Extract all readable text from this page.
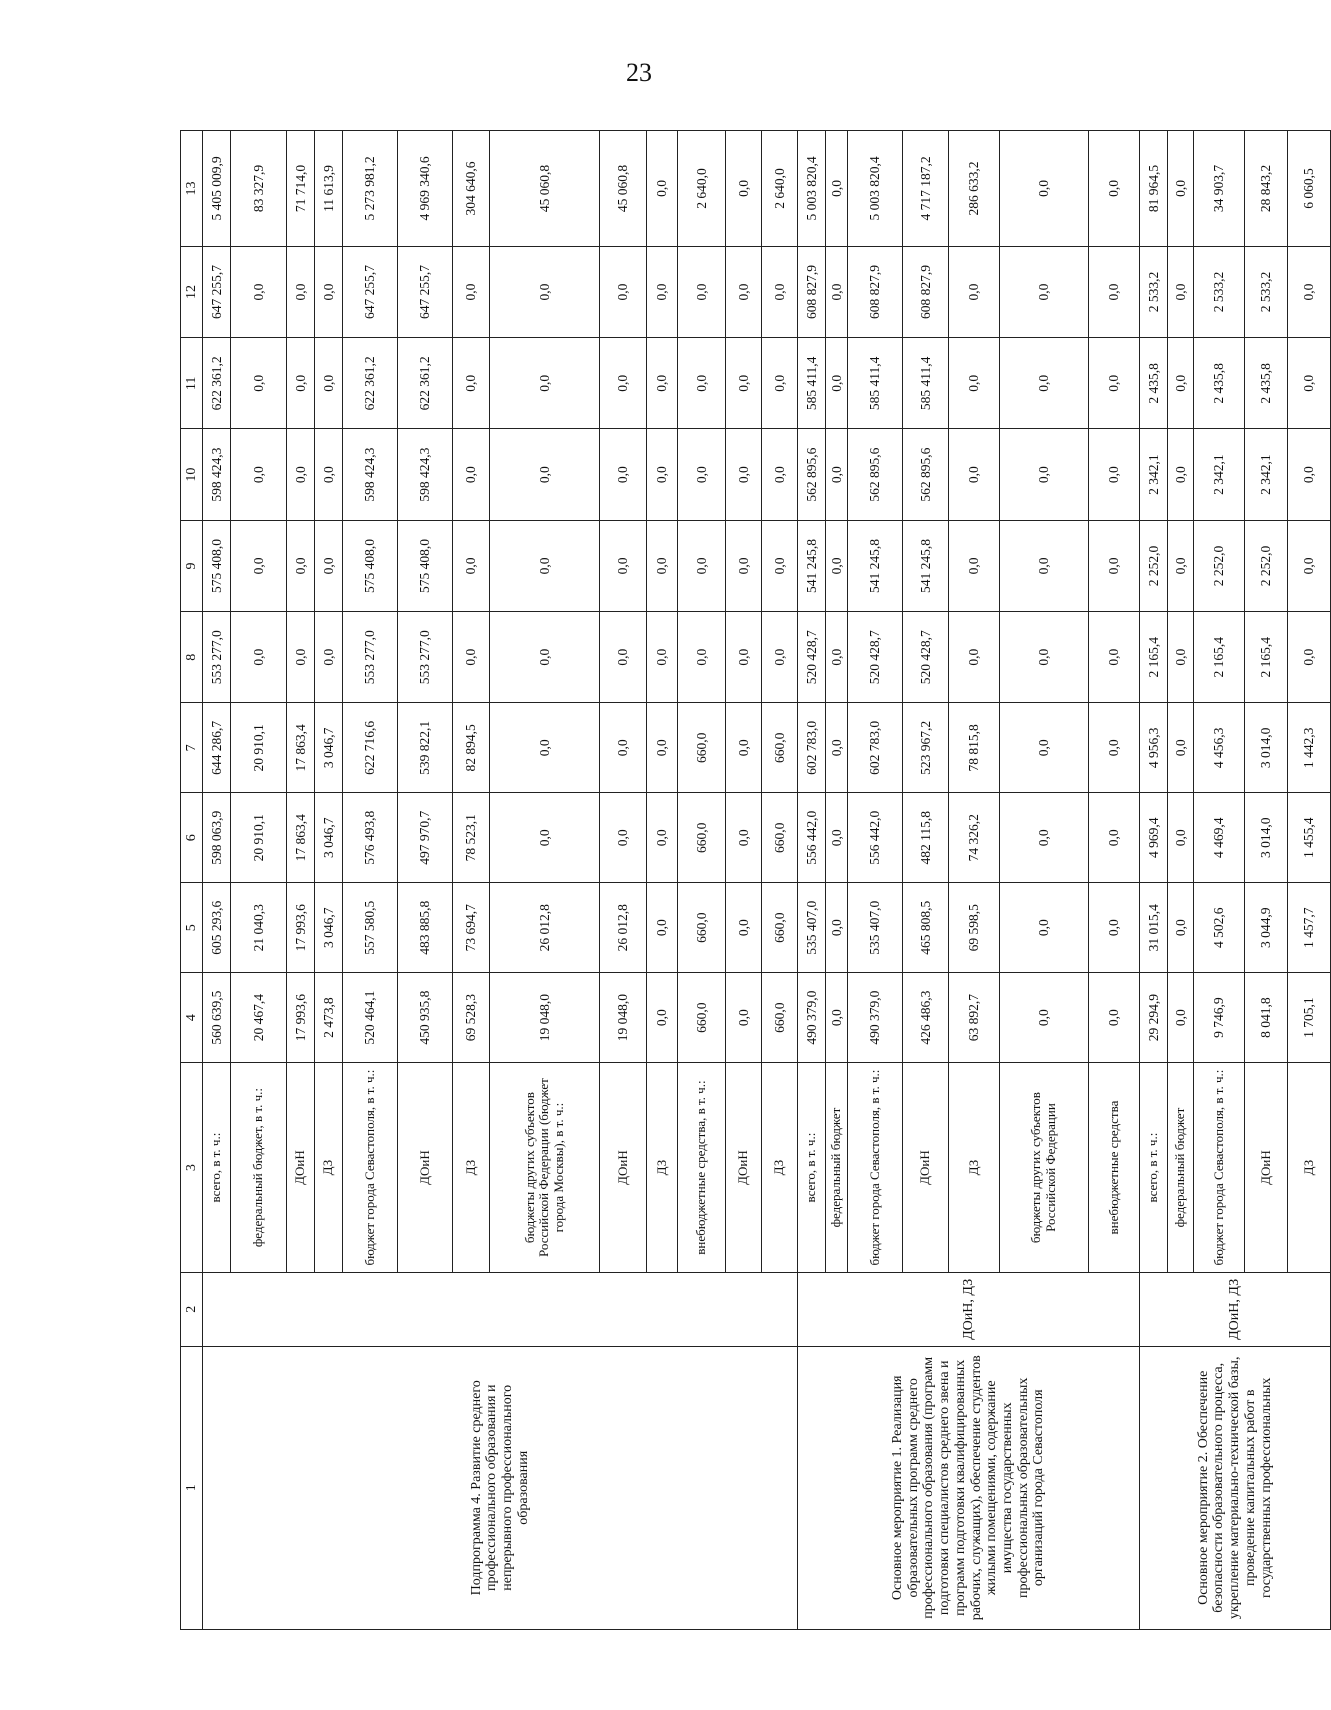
23
1	2	3	4	5	6	7	8	9	10	11	12	13
Подпрограмма 4. Развитие среднего профессионального образования и непрерывного профессионального образования		всего, в т. ч.:	560 639,5	605 293,6	598 063,9	644 286,7	553 277,0	575 408,0	598 424,3	622 361,2	647 255,7	5 405 009,9
		федеральный бюджет, в т. ч.:	20 467,4	21 040,3	20 910,1	20 910,1	0,0	0,0	0,0	0,0	0,0	83 327,9
		ДОиН	17 993,6	17 993,6	17 863,4	17 863,4	0,0	0,0	0,0	0,0	0,0	71 714,0
		ДЗ	2 473,8	3 046,7	3 046,7	3 046,7	0,0	0,0	0,0	0,0	0,0	11 613,9
		бюджет города Севастополя, в т. ч.:	520 464,1	557 580,5	576 493,8	622 716,6	553 277,0	575 408,0	598 424,3	622 361,2	647 255,7	5 273 981,2
		ДОиН	450 935,8	483 885,8	497 970,7	539 822,1	553 277,0	575 408,0	598 424,3	622 361,2	647 255,7	4 969 340,6
		ДЗ	69 528,3	73 694,7	78 523,1	82 894,5	0,0	0,0	0,0	0,0	0,0	304 640,6
		бюджеты других субъектов Российской Федерации (бюджет города Москвы), в т. ч.:	19 048,0	26 012,8	0,0	0,0	0,0	0,0	0,0	0,0	0,0	45 060,8
		ДОиН	19 048,0	26 012,8	0,0	0,0	0,0	0,0	0,0	0,0	0,0	45 060,8
		ДЗ	0,0	0,0	0,0	0,0	0,0	0,0	0,0	0,0	0,0	0,0
		внебюджетные средства, в т. ч.:	660,0	660,0	660,0	660,0	0,0	0,0	0,0	0,0	0,0	2 640,0
		ДОиН	0,0	0,0	0,0	0,0	0,0	0,0	0,0	0,0	0,0	0,0
		ДЗ	660,0	660,0	660,0	660,0	0,0	0,0	0,0	0,0	0,0	2 640,0
Основное мероприятие 1. Реализация образовательных программ среднего профессионального образования (программ подготовки специалистов среднего звена и программ подготовки квалифицированных рабочих, служащих), обеспечение студентов жилыми помещениями, содержание имущества государственных профессиональных образовательных организаций города Севастополя	ДОиН, ДЗ	всего, в т. ч.:	490 379,0	535 407,0	556 442,0	602 783,0	520 428,7	541 245,8	562 895,6	585 411,4	608 827,9	5 003 820,4
		федеральный бюджет	0,0	0,0	0,0	0,0	0,0	0,0	0,0	0,0	0,0	0,0
		бюджет города Севастополя, в т. ч.:	490 379,0	535 407,0	556 442,0	602 783,0	520 428,7	541 245,8	562 895,6	585 411,4	608 827,9	5 003 820,4
		ДОиН	426 486,3	465 808,5	482 115,8	523 967,2	520 428,7	541 245,8	562 895,6	585 411,4	608 827,9	4 717 187,2
		ДЗ	63 892,7	69 598,5	74 326,2	78 815,8	0,0	0,0	0,0	0,0	0,0	286 633,2
		бюджеты других субъектов Российской Федерации	0,0	0,0	0,0	0,0	0,0	0,0	0,0	0,0	0,0	0,0
		внебюджетные средства	0,0	0,0	0,0	0,0	0,0	0,0	0,0	0,0	0,0	0,0
Основное мероприятие 2. Обеспечение безопасности образовательного процесса, укрепление материально-технической базы, проведение капитальных работ в государственных профессиональных	ДОиН, ДЗ	всего, в т. ч.:	29 294,9	31 015,4	4 969,4	4 956,3	2 165,4	2 252,0	2 342,1	2 435,8	2 533,2	81 964,5
		федеральный бюджет	0,0	0,0	0,0	0,0	0,0	0,0	0,0	0,0	0,0	0,0
		бюджет города Севастополя, в т. ч.:	9 746,9	4 502,6	4 469,4	4 456,3	2 165,4	2 252,0	2 342,1	2 435,8	2 533,2	34 903,7
		ДОиН	8 041,8	3 044,9	3 014,0	3 014,0	2 165,4	2 252,0	2 342,1	2 435,8	2 533,2	28 843,2
		ДЗ	1 705,1	1 457,7	1 455,4	1 442,3	0,0	0,0	0,0	0,0	0,0	6 060,5
